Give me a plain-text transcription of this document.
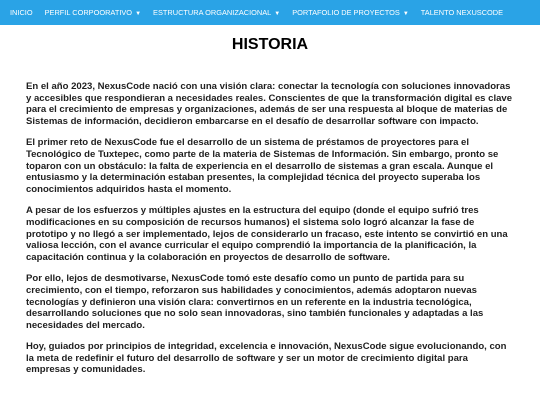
INICIO	PERFIL CORPOORATIVO ▼	ESTRUCTURA ORGANIZACIONAL ▼	PORTAFOLIO DE PROYECTOS ▼	TALENTO NEXUSCODE
HISTORIA

En el año 2023, NexusCode nació con una visión clara: conectar la tecnología con soluciones innovadoras y accesibles que respondieran a necesidades reales. Conscientes de que la transformación digital es clave para el crecimiento de empresas y organizaciones, además de ser una respuesta al bloque de materias de Sistemas de información, decidieron embarcarse en el desafío de desarrollar software con impacto.

El primer reto de NexusCode fue el desarrollo de un sistema de préstamos de proyectores para el Tecnológico de Tuxtepec, como parte de la materia de Sistemas de Información. Sin embargo, pronto se toparon con un obstáculo: la falta de experiencia en el desarrollo de sistemas a gran escala. Aunque el entusiasmo y la determinación estaban presentes, la complejidad técnica del proyecto superaba los conocimientos adquiridos hasta el momento.

A pesar de los esfuerzos y múltiples ajustes en la estructura del equipo (donde el equipo sufrió tres modificaciones en su composición de recursos humanos) el sistema solo logró alcanzar la fase de prototipo y no llegó a ser implementado, lejos de considerarlo un fracaso, este intento se convirtió en una valiosa lección, con el avance curricular el equipo comprendió la importancia de la planificación, la capacitación continua y la colaboración en proyectos de desarrollo de software.

Por ello, lejos de desmotivarse, NexusCode tomó este desafío como un punto de partida para su crecimiento, con el tiempo, reforzaron sus habilidades y conocimientos, además adoptaron nuevas tecnologías y definieron una visión clara: convertirnos en un referente en la industria tecnológica, desarrollando soluciones que no solo sean innovadoras, sino también funcionales y adaptadas a las necesidades del mercado.

Hoy, guiados por principios de integridad, excelencia e innovación, NexusCode sigue evolucionando, con la meta de redefinir el futuro del desarrollo de software y ser un motor de crecimiento digital para empresas y comunidades.
